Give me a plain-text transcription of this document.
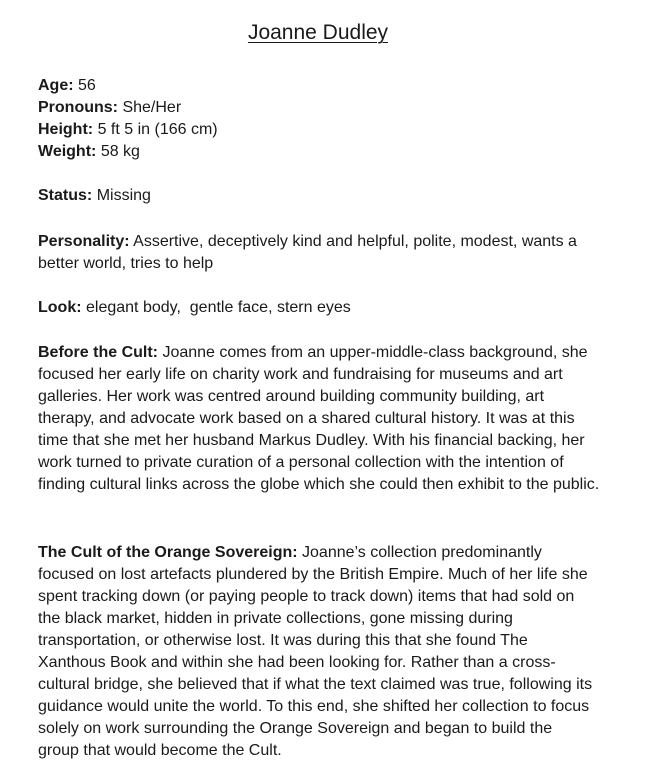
Joanne Dudley

Age: 56

Pronouns: She/Her

Height: 5 ft 5 in (166 cm)

Weight: 58 kg

Status: Missing

Personality: Assertive, deceptively kind and helpful, polite, modest, wants a better world, tries to help

Look: elegant body,  gentle face, stern eyes

Before the Cult: Joanne comes from an upper-middle-class background, she focused her early life on charity work and fundraising for museums and art galleries. Her work was centred around building community building, art therapy, and advocate work based on a shared cultural history. It was at this time that she met her husband Markus Dudley. With his financial backing, her work turned to private curation of a personal collection with the intention of finding cultural links across the globe which she could then exhibit to the public.

The Cult of the Orange Sovereign: Joanne’s collection predominantly focused on lost artefacts plundered by the British Empire. Much of her life she spent tracking down (or paying people to track down) items that had sold on the black market, hidden in private collections, gone missing during transportation, or otherwise lost. It was during this that she found The Xanthous Book and within she had been looking for. Rather than a cross-cultural bridge, she believed that if what the text claimed was true, following its guidance would unite the world. To this end, she shifted her collection to focus solely on work surrounding the Orange Sovereign and began to build the group that would become the Cult.
